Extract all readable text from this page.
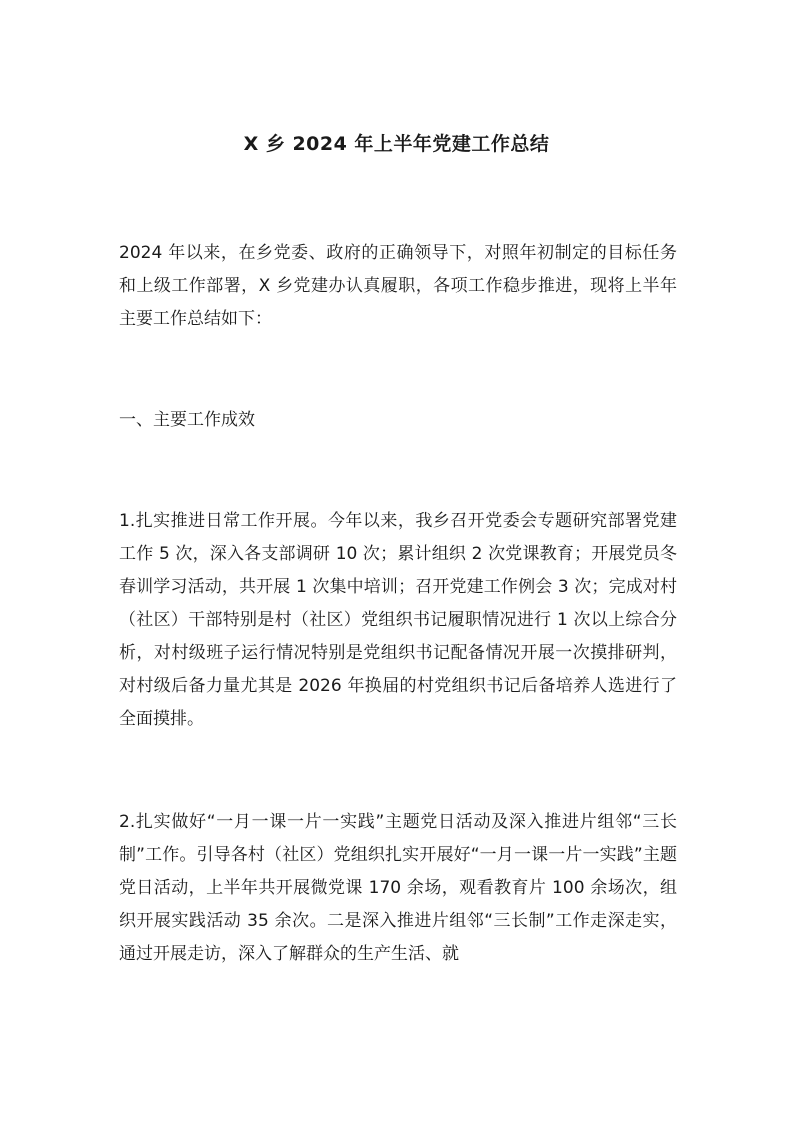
X 乡 2024 年上半年党建工作总结

2024 年以来，在乡党委、政府的正确领导下，对照年初制定的目标任务和上级工作部署，X 乡党建办认真履职，各项工作稳步推进，现将上半年主要工作总结如下：

一、主要工作成效

1.扎实推进日常工作开展。今年以来，我乡召开党委会专题研究部署党建工作 5 次，深入各支部调研 10 次；累计组织 2 次党课教育；开展党员冬春训学习活动，共开展 1 次集中培训；召开党建工作例会 3 次；完成对村（社区）干部特别是村（社区）党组织书记履职情况进行 1 次以上综合分析，对村级班子运行情况特别是党组织书记配备情况开展一次摸排研判，对村级后备力量尤其是 2026 年换届的村党组织书记后备培养人选进行了全面摸排。

2.扎实做好“一月一课一片一实践”主题党日活动及深入推进片组邻“三长制”工作。引导各村（社区）党组织扎实开展好“一月一课一片一实践”主题党日活动，上半年共开展微党课 170 余场，观看教育片 100 余场次，组织开展实践活动 35 余次。二是深入推进片组邻“三长制”工作走深走实，通过开展走访，深入了解群众的生产生活、就
